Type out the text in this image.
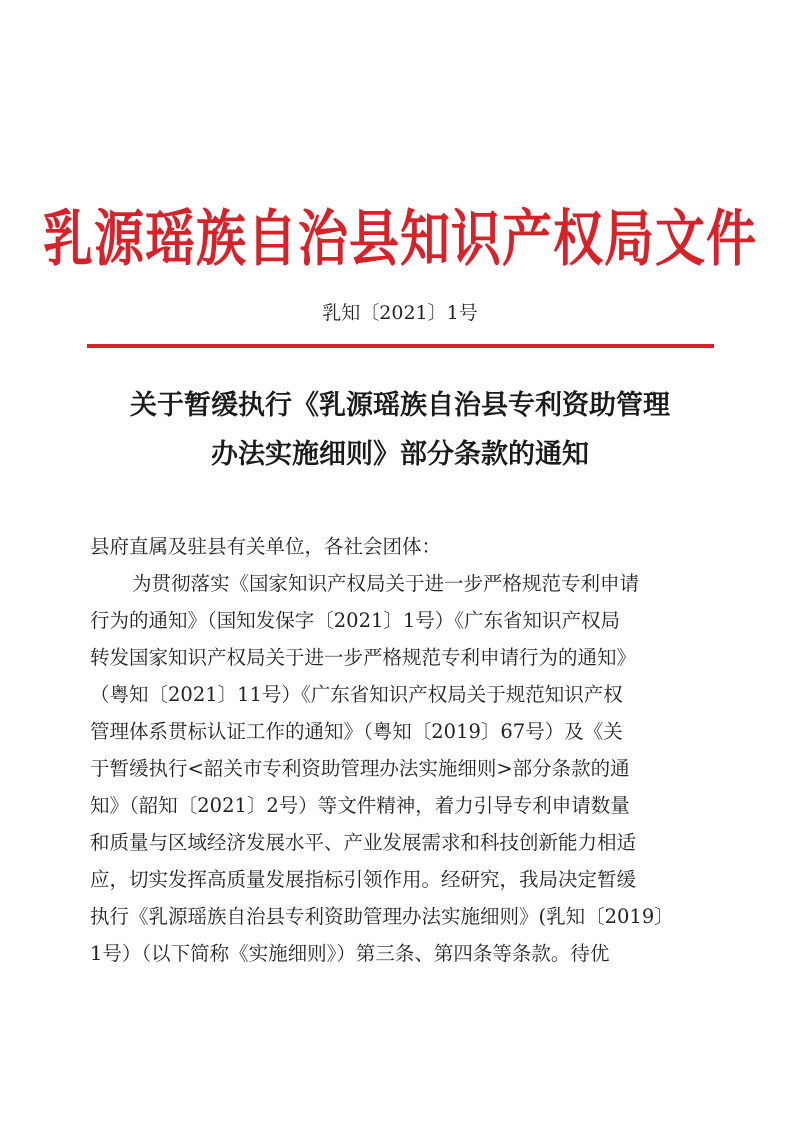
乳源瑶族自治县知识产权局文件
乳知〔2021〕1号
关于暂缓执行《乳源瑶族自治县专利资助管理 办法实施细则》部分条款的通知
县府直属及驻县有关单位，各社会团体：
为贯彻落实《国家知识产权局关于进一步严格规范专利申请
行为的通知》（国知发保字〔2021〕1号）《广东省知识产权局
转发国家知识产权局关于进一步严格规范专利申请行为的通知》
（粤知〔2021〕11号）《广东省知识产权局关于规范知识产权
管理体系贯标认证工作的通知》（粤知〔2019〕67号）及《关
于暂缓执行<韶关市专利资助管理办法实施细则>部分条款的通
知》（韶知〔2021〕2号）等文件精神，着力引导专利申请数量
和质量与区域经济发展水平、产业发展需求和科技创新能力相适
应，切实发挥高质量发展指标引领作用。经研究，我局决定暂缓
执行《乳源瑶族自治县专利资助管理办法实施细则》(乳知〔2019〕
1号）（以下简称《实施细则》）第三条、第四条等条款。待优
